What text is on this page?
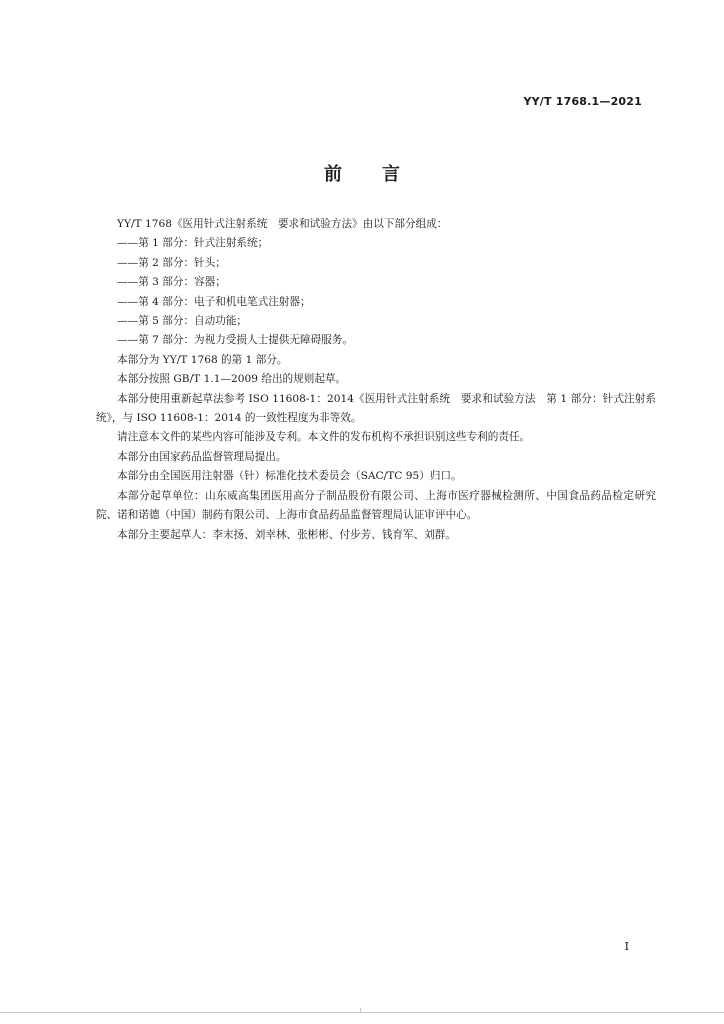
YY/T 1768.1—2021
前言

YY/T 1768《医用针式注射系统　要求和试验方法》由以下部分组成：

——第 1 部分：针式注射系统；

——第 2 部分：针头；

——第 3 部分：容器；

——第 4 部分：电子和机电笔式注射器；

——第 5 部分：自动功能；

——第 7 部分：为视力受损人士提供无障碍服务。

本部分为 YY/T 1768 的第 1 部分。

本部分按照 GB/T 1.1—2009 给出的规则起草。

本部分使用重新起草法参考 ISO 11608-1：2014《医用针式注射系统　要求和试验方法　第 1 部分：针式注射系统》，与 ISO 11608-1：2014 的一致性程度为非等效。

请注意本文件的某些内容可能涉及专利。本文件的发布机构不承担识别这些专利的责任。

本部分由国家药品监督管理局提出。

本部分由全国医用注射器（针）标准化技术委员会（SAC/TC 95）归口。

本部分起草单位：山东威高集团医用高分子制品股份有限公司、上海市医疗器械检测所、中国食品药品检定研究院、诺和诺德（中国）制药有限公司、上海市食品药品监督管理局认证审评中心。

本部分主要起草人：李末扬、刘幸林、张彬彬、付步芳、钱育军、刘群。

I
